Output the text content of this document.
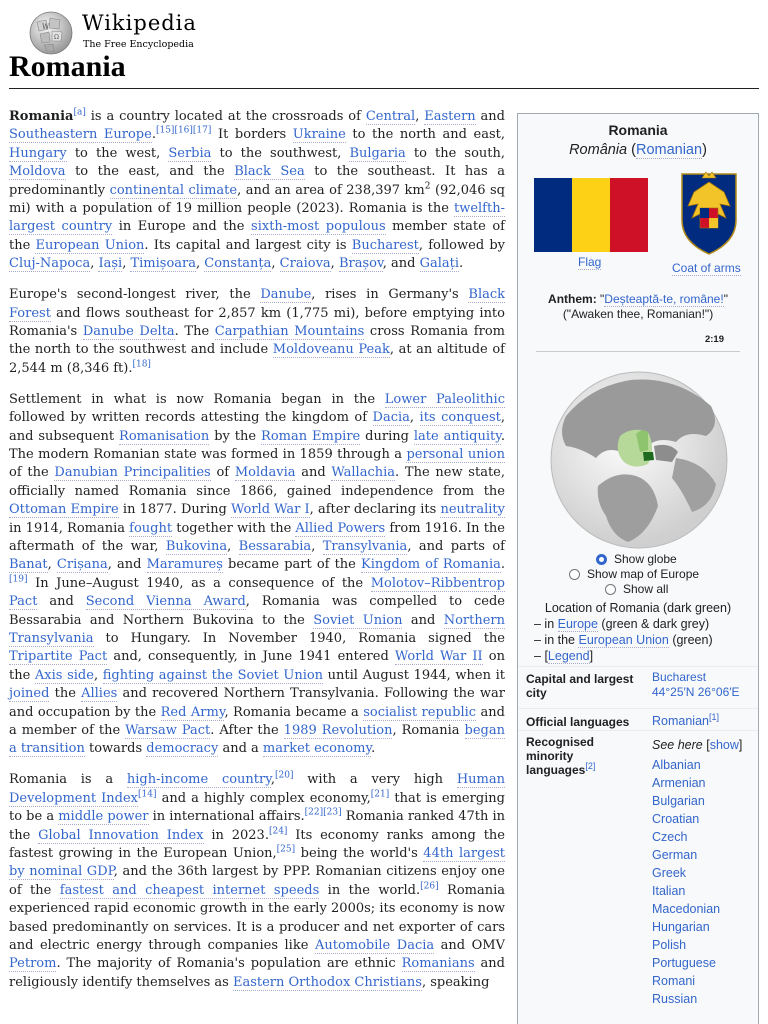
W
Ω
Wikipedia
The Free Encyclopedia
Romania

Romania[a] is a country located at the crossroads of Central, Eastern and Southeastern Europe.[15][16][17] It borders Ukraine to the north and east, Hungary to the west, Serbia to the southwest, Bulgaria to the south, Moldova to the east, and the Black Sea to the southeast. It has a predominantly continental climate, and an area of 238,397 $km^2$ (92,046 sq mi) with a population of 19 million people (2023). Romania is the twelfth-largest country in Europe and the sixth-most populous member state of the European Union. Its capital and largest city is Bucharest, followed by Cluj-Napoca, Iași, Timișoara, Constanța, Craiova, Brașov, and Galați.

Europe's second-longest river, the Danube, rises in Germany's Black Forest and flows southeast for 2,857 km (1,775 mi), before emptying into Romania's Danube Delta. The Carpathian Mountains cross Romania from the north to the southwest and include Moldoveanu Peak, at an altitude of 2,544 m (8,346 ft).[18]

Settlement in what is now Romania began in the Lower Paleolithic followed by written records attesting the kingdom of Dacia, its conquest, and subsequent Romanisation by the Roman Empire during late antiquity. The modern Romanian state was formed in 1859 through a personal union of the Danubian Principalities of Moldavia and Wallachia. The new state, officially named Romania since 1866, gained independence from the Ottoman Empire in 1877. During World War I, after declaring its neutrality in 1914, Romania fought together with the Allied Powers from 1916. In the aftermath of the war, Bukovina, Bessarabia, Transylvania, and parts of Banat, Crișana, and Maramureș became part of the Kingdom of Romania.[19] In June–August 1940, as a consequence of the Molotov–Ribbentrop Pact and Second Vienna Award, Romania was compelled to cede Bessarabia and Northern Bukovina to the Soviet Union and Northern Transylvania to Hungary. In November 1940, Romania signed the Tripartite Pact and, consequently, in June 1941 entered World War II on the Axis side, fighting against the Soviet Union until August 1944, when it joined the Allies and recovered Northern Transylvania. Following the war and occupation by the Red Army, Romania became a socialist republic and a member of the Warsaw Pact. After the 1989 Revolution, Romania began a transition towards democracy and a market economy.

Romania is a high-income country,[20] with a very high Human Development Index[14] and a highly complex economy,[21] that is emerging to be a middle power in international affairs.[22][23] Romania ranked 47th in the Global Innovation Index in 2023.[24] Its economy ranks among the fastest growing in the European Union,[25] being the world's 44th largest by nominal GDP, and the 36th largest by PPP. Romanian citizens enjoy one of the fastest and cheapest internet speeds in the world.[26] Romania experienced rapid economic growth in the early 2000s; its economy is now based predominantly on services. It is a producer and net exporter of cars and electric energy through companies like Automobile Dacia and OMV Petrom. The majority of Romania's population are ethnic Romanians and religiously identify themselves as Eastern Orthodox Christians, speaking

Romania
România (Romanian)
Flag	Coat of arms
Anthem: "Deșteaptă-te, române!"
("Awaken thee, Romanian!")
2:19
Show globe
Show map of Europe
Show all
Location of Romania (dark green)
– in Europe (green & dark grey)
– in the European Union (green)
– [Legend]
Capital and largest city
Bucharest
44°25′N 26°06′E
Official languages Romanian[1]
Recognised minority languages[2]
See here [show]
Albanian
Armenian
Bulgarian
Croatian
Czech
German
Greek
Italian
Macedonian
Hungarian
Polish
Portuguese
Romani
Russian
